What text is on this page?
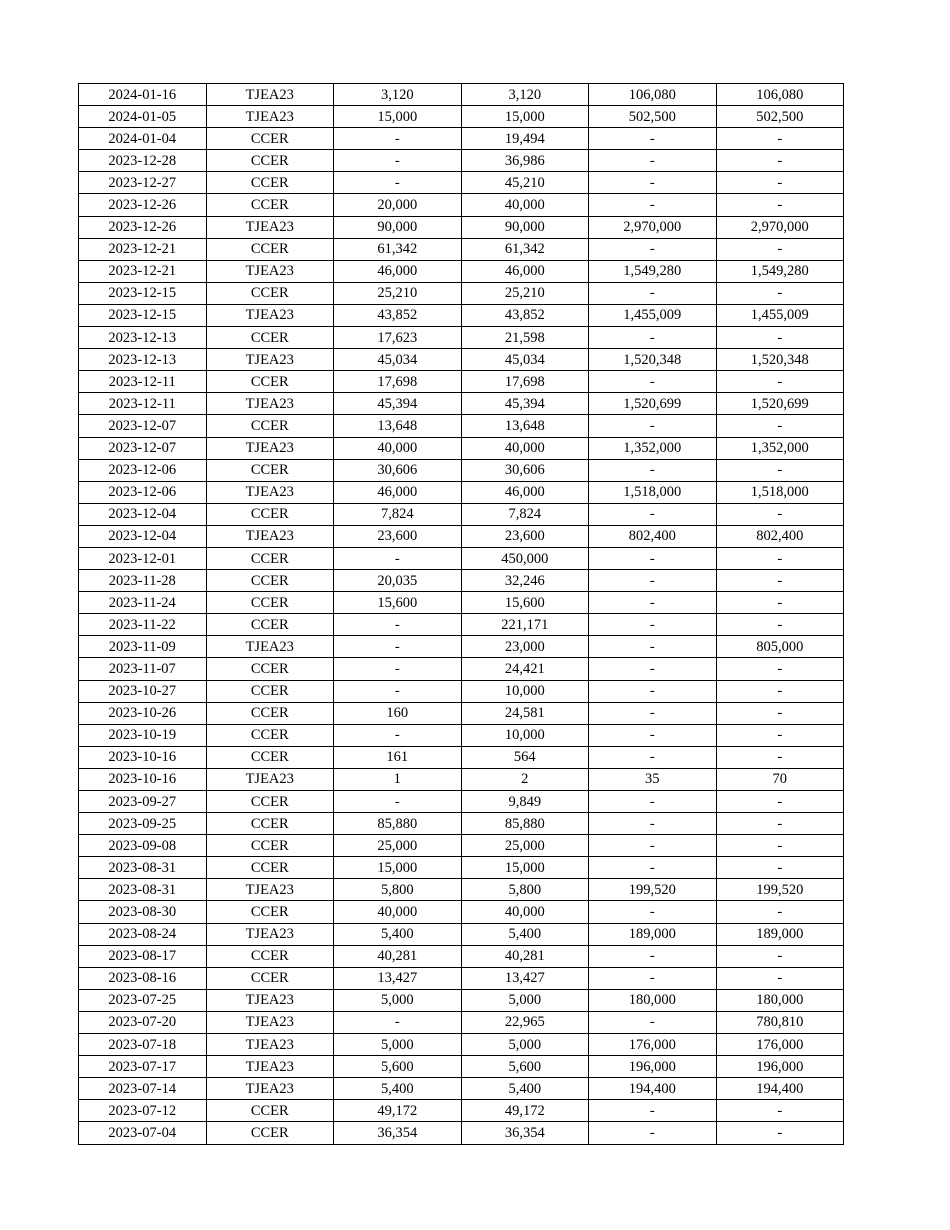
2024-01-16	TJEA23	3,120	3,120	106,080	106,080
2024-01-05	TJEA23	15,000	15,000	502,500	502,500
2024-01-04	CCER	-	19,494	-	-
2023-12-28	CCER	-	36,986	-	-
2023-12-27	CCER	-	45,210	-	-
2023-12-26	CCER	20,000	40,000	-	-
2023-12-26	TJEA23	90,000	90,000	2,970,000	2,970,000
2023-12-21	CCER	61,342	61,342	-	-
2023-12-21	TJEA23	46,000	46,000	1,549,280	1,549,280
2023-12-15	CCER	25,210	25,210	-	-
2023-12-15	TJEA23	43,852	43,852	1,455,009	1,455,009
2023-12-13	CCER	17,623	21,598	-	-
2023-12-13	TJEA23	45,034	45,034	1,520,348	1,520,348
2023-12-11	CCER	17,698	17,698	-	-
2023-12-11	TJEA23	45,394	45,394	1,520,699	1,520,699
2023-12-07	CCER	13,648	13,648	-	-
2023-12-07	TJEA23	40,000	40,000	1,352,000	1,352,000
2023-12-06	CCER	30,606	30,606	-	-
2023-12-06	TJEA23	46,000	46,000	1,518,000	1,518,000
2023-12-04	CCER	7,824	7,824	-	-
2023-12-04	TJEA23	23,600	23,600	802,400	802,400
2023-12-01	CCER	-	450,000	-	-
2023-11-28	CCER	20,035	32,246	-	-
2023-11-24	CCER	15,600	15,600	-	-
2023-11-22	CCER	-	221,171	-	-
2023-11-09	TJEA23	-	23,000	-	805,000
2023-11-07	CCER	-	24,421	-	-
2023-10-27	CCER	-	10,000	-	-
2023-10-26	CCER	160	24,581	-	-
2023-10-19	CCER	-	10,000	-	-
2023-10-16	CCER	161	564	-	-
2023-10-16	TJEA23	1	2	35	70
2023-09-27	CCER	-	9,849	-	-
2023-09-25	CCER	85,880	85,880	-	-
2023-09-08	CCER	25,000	25,000	-	-
2023-08-31	CCER	15,000	15,000	-	-
2023-08-31	TJEA23	5,800	5,800	199,520	199,520
2023-08-30	CCER	40,000	40,000	-	-
2023-08-24	TJEA23	5,400	5,400	189,000	189,000
2023-08-17	CCER	40,281	40,281	-	-
2023-08-16	CCER	13,427	13,427	-	-
2023-07-25	TJEA23	5,000	5,000	180,000	180,000
2023-07-20	TJEA23	-	22,965	-	780,810
2023-07-18	TJEA23	5,000	5,000	176,000	176,000
2023-07-17	TJEA23	5,600	5,600	196,000	196,000
2023-07-14	TJEA23	5,400	5,400	194,400	194,400
2023-07-12	CCER	49,172	49,172	-	-
2023-07-04	CCER	36,354	36,354	-	-
